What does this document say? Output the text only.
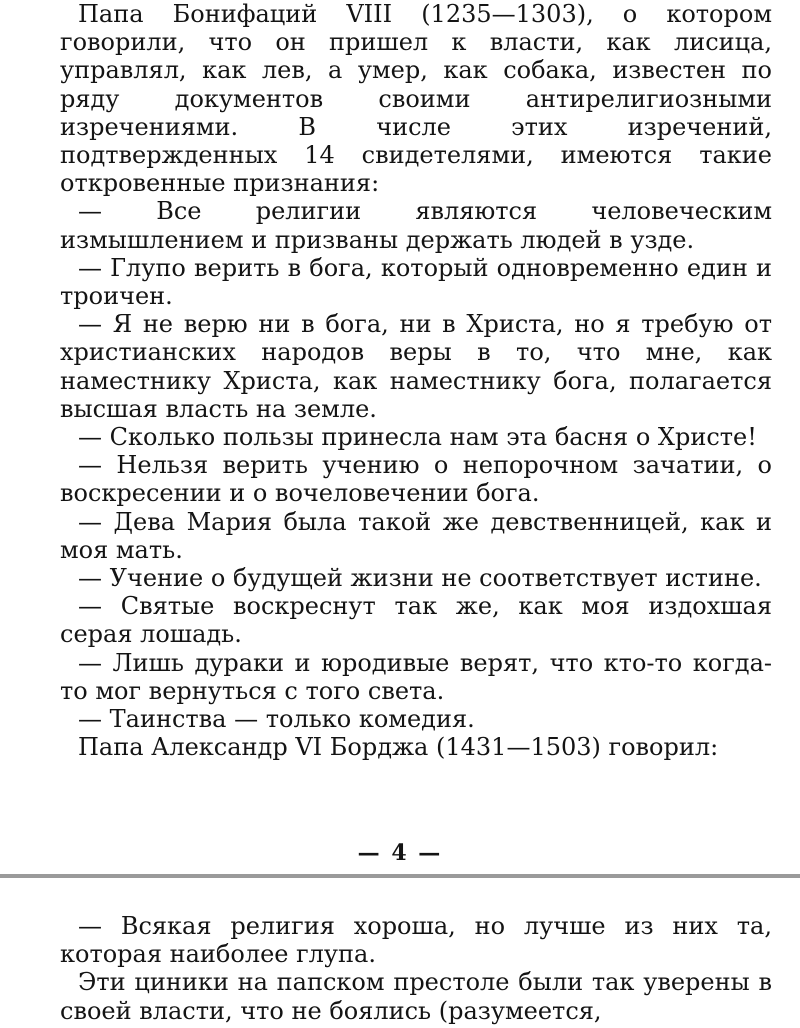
Папа Бонифаций VIII (1235—1303), о котором говорили, что он пришел к власти, как лисица, управлял, как лев, а умер, как собака, известен по ряду документов своими антирелигиозными изречениями. В числе этих изречений, подтвержденных 14 свидетелями, имеются такие откровенные признания:

— Все религии являются человеческим измышлением и призваны держать людей в узде.

— Глупо верить в бога, который одновременно един и троичен.

— Я не верю ни в бога, ни в Христа, но я требую от христианских народов веры в то, что мне, как наместнику Христа, как наместнику бога, полагается высшая власть на земле.

— Сколько пользы принесла нам эта басня о Христе!

— Нельзя верить учению о непорочном зачатии, о воскресении и о вочеловечении бога.

— Дева Мария была такой же девственницей, как и моя мать.

— Учение о будущей жизни не соответствует истине.

— Святые воскреснут так же, как моя издохшая серая лошадь.

— Лишь дураки и юродивые верят, что кто-то когда-то мог вернуться с того света.

— Таинства — только комедия.

Папа Александр VI Борджа (1431—1503) говорил:

— 4 —

— Всякая религия хороша, но лучше из них та, которая наиболее глупа.

Эти циники на папском престоле были так уверены в своей власти, что не боялись (разумеется,
